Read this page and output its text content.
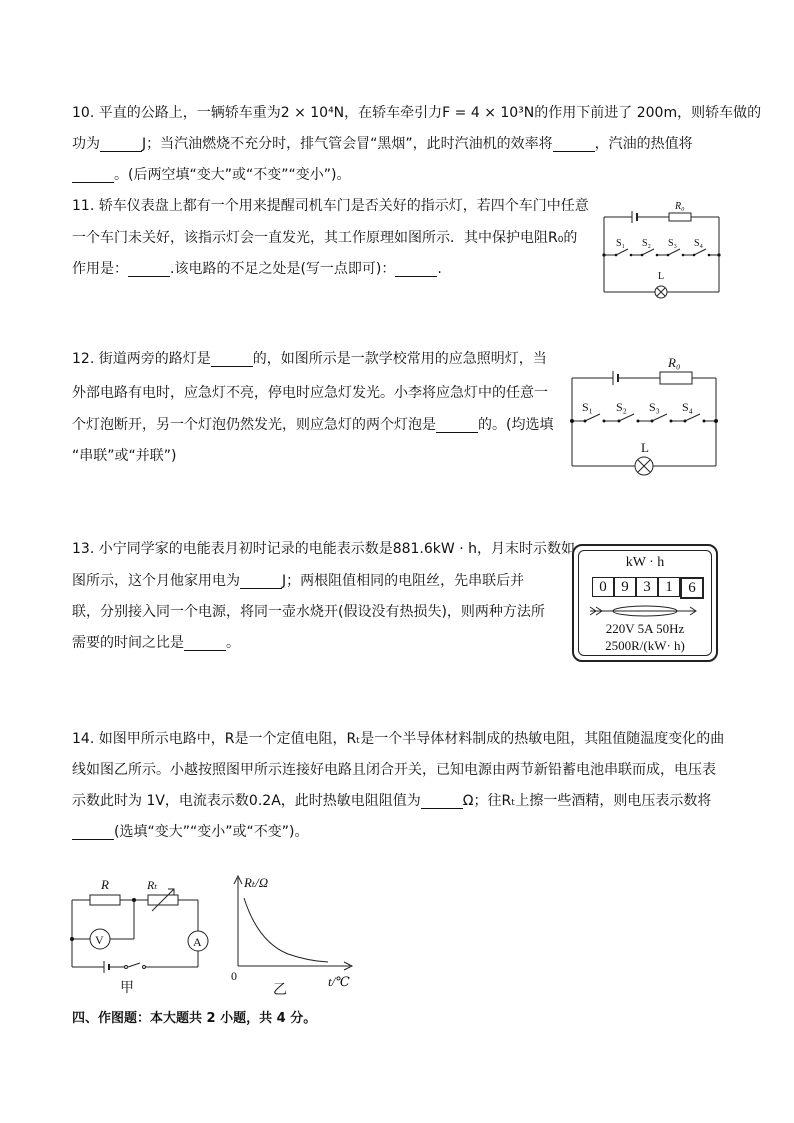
10. 平直的公路上，一辆轿车重为2 × 10⁴N，在轿车牵引力F = 4 × 10³N的作用下前进了 200m，则轿车做的
功为	J；当汽油燃烧不充分时，排气管会冒“黑烟”，此时汽油机的效率将	，汽油的热值将
。(后两空填“变大”或“不变”“变小”)。
11. 轿车仪表盘上都有一个用来提醒司机车门是否关好的指示灯，若四个车门中任意
一个车门未关好，该指示灯会一直发光，其工作原理如图所示．其中保护电阻R₀的
作用是：	.该电路的不足之处是(写一点即可)：	.
R₀
S₁ S₂ S₃ S₄
L
12. 街道两旁的路灯是	的，如图所示是一款学校常用的应急照明灯，当
外部电路有电时，应急灯不亮，停电时应急灯发光。小李将应急灯中的任意一
个灯泡断开，另一个灯泡仍然发光，则应急灯的两个灯泡是	的。(均选填
“串联”或“并联”)
R₀
S₁ S₂ S₃ S₄
L
13. 小宁同学家的电能表月初时记录的电能表示数是881.6kW · h，月末时示数如
图所示，这个月他家用电为	J；两根阻值相同的电阻丝，先串联后并
联，分别接入同一个电源，将同一壶水烧开(假设没有热损失)，则两种方法所
需要的时间之比是	。
kW · h
0 9 3 1	6
220V 5A 50Hz
2500R/(kW· h)
14. 如图甲所示电路中，R是一个定值电阻，Rₜ是一个半导体材料制成的热敏电阻，其阻值随温度变化的曲
线如图乙所示。小越按照图甲所示连接好电路且闭合开关，已知电源由两节新铅蓄电池串联而成，电压表
示数此时为 1V，电流表示数0.2A，此时热敏电阻阻值为	Ω；往Rₜ上擦一些酒精，则电压表示数将
(选填“变大”“变小”或“不变”)。
R	Rₜ
V	A
甲
Rₜ/Ω
0	t/℃
乙
四、作图题：本大题共 2 小题，共 4 分。
